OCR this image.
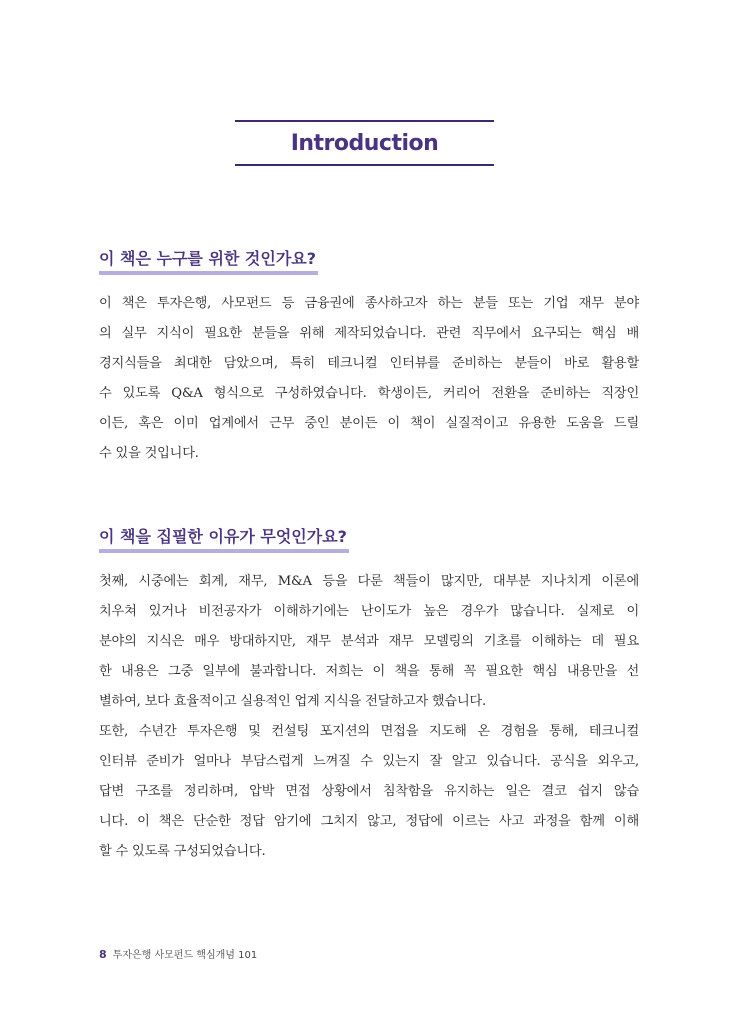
Introduction
이 책은 누구를 위한 것인가요?
이 책은 투자은행, 사모펀드 등 금융권에 종사하고자 하는 분들 또는 기업 재무 분야
의 실무 지식이 필요한 분들을 위해 제작되었습니다. 관련 직무에서 요구되는 핵심 배
경지식들을 최대한 담았으며, 특히 테크니컬 인터뷰를 준비하는 분들이 바로 활용할
수 있도록 Q&A 형식으로 구성하였습니다. 학생이든, 커리어 전환을 준비하는 직장인
이든, 혹은 이미 업계에서 근무 중인 분이든 이 책이 실질적이고 유용한 도움을 드릴
수 있을 것입니다.
이 책을 집필한 이유가 무엇인가요?
첫째, 시중에는 회계, 재무, M&A 등을 다룬 책들이 많지만, 대부분 지나치게 이론에
치우쳐 있거나 비전공자가 이해하기에는 난이도가 높은 경우가 많습니다. 실제로 이
분야의 지식은 매우 방대하지만, 재무 분석과 재무 모델링의 기초를 이해하는 데 필요
한 내용은 그중 일부에 불과합니다. 저희는 이 책을 통해 꼭 필요한 핵심 내용만을 선
별하여, 보다 효율적이고 실용적인 업계 지식을 전달하고자 했습니다.
또한, 수년간 투자은행 및 컨설팅 포지션의 면접을 지도해 온 경험을 통해, 테크니컬
인터뷰 준비가 얼마나 부담스럽게 느껴질 수 있는지 잘 알고 있습니다. 공식을 외우고,
답변 구조를 정리하며, 압박 면접 상황에서 침착함을 유지하는 일은 결코 쉽지 않습
니다. 이 책은 단순한 정답 암기에 그치지 않고, 정답에 이르는 사고 과정을 함께 이해
할 수 있도록 구성되었습니다.
8 투자은행 사모펀드 핵심개념 101
